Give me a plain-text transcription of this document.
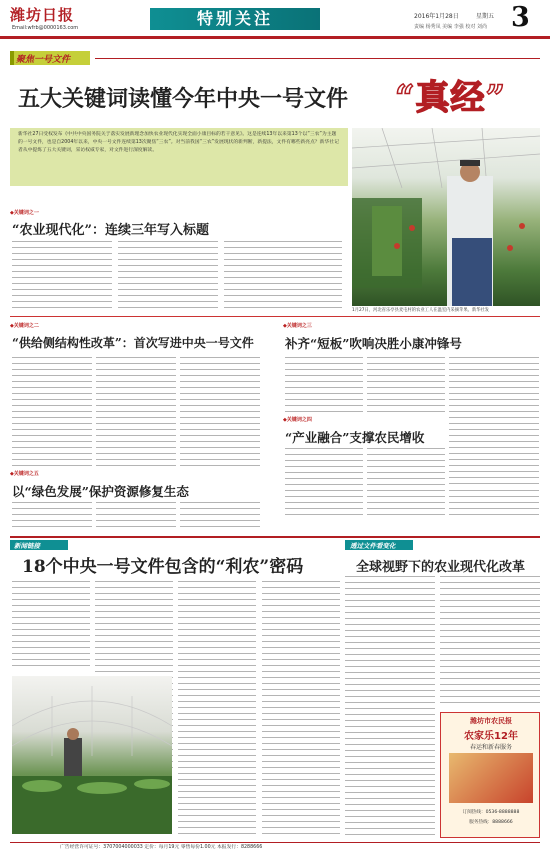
潍坊日报
Email:wfrb@0000163.com	特别关注	2016年1月28日	星期五 3
责编 杨秀凤 美编 李强 校对 刘尚
聚焦一号文件
五大关键词读懂今年中央一号文件 “真经”
新华社27日受权发布《中共中央国务院关于落实发展新理念加快农业现代化实现全面小康目标的若干意见》。这是连续13年以来第13个以“三农”为主题的一号文件，也是自2004年以来，中央一号文件连续第13次聚焦“三农”。对当前我国“三农”发展现状的新判断，新提法，文件有哪些新亮点？新华社记者从中提炼了五大关键词，采访权威专家，对文件进行深度解读。
1月27日，河北省乐亭县麦屯村的农业工人在温室内采摘苹果。新华社发
◆关键词之一
“农业现代化”：连续三年写入标题
◆关键词之二
“供给侧结构性改革”：首次写进中央一号文件
◆关键词之三
补齐“短板”吹响决胜小康冲锋号
◆关键词之四
“产业融合”支撑农民增收
◆关键词之五
以“绿色发展”保护资源修复生态
新闻链接
18个中央一号文件包含的“利农”密码
透过文件看变化
全球视野下的农业现代化改革
潍坊市农民报
农家乐12年
春运和新春服务
订阅热线：0536-8888888
服务热线：8888666
广告经营许可证号：3707004000033 定价：每月19元 零售每份1.00元 本报发行：8288666
